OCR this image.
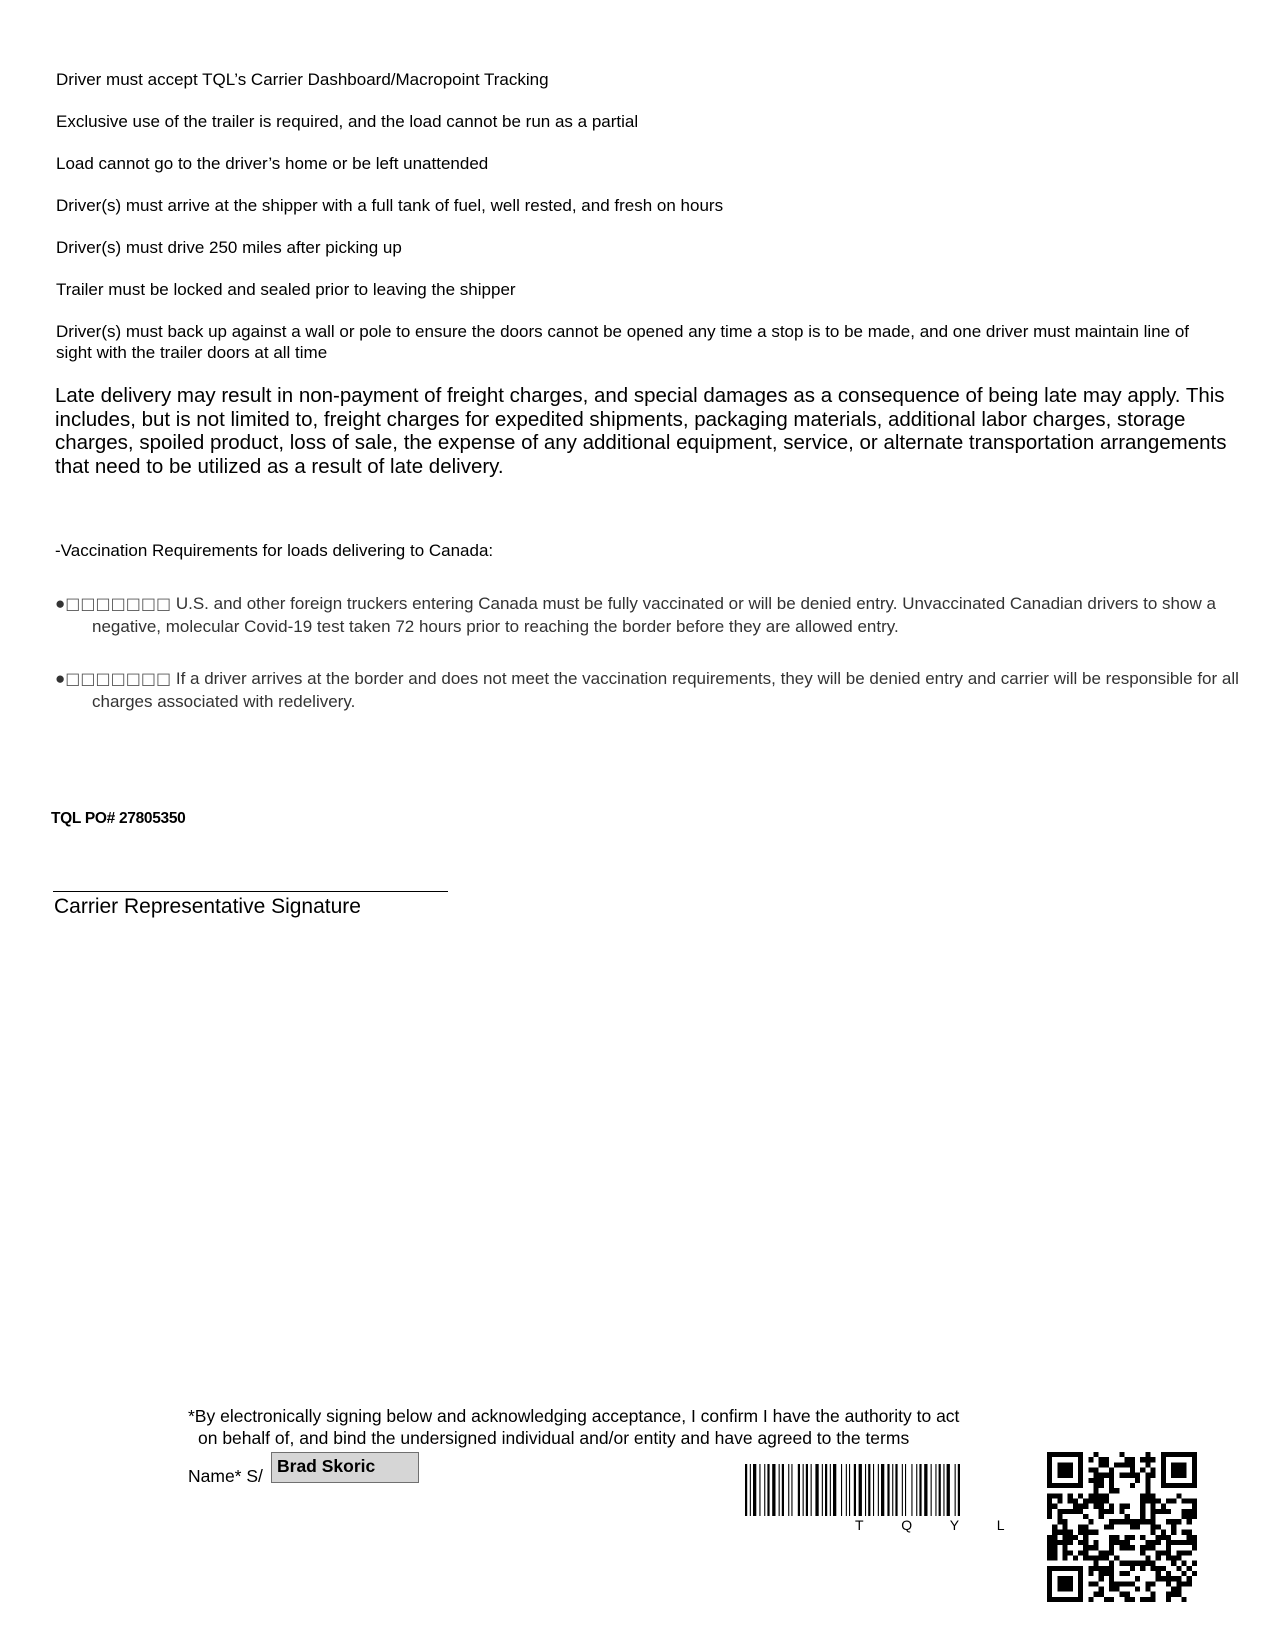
Driver must accept TQL’s Carrier Dashboard/Macropoint Tracking

Exclusive use of the trailer is required, and the load cannot be run as a partial

Load cannot go to the driver’s home or be left unattended

Driver(s) must arrive at the shipper with a full tank of fuel, well rested, and fresh on hours

Driver(s) must drive 250 miles after picking up

Trailer must be locked and sealed prior to leaving the shipper

Driver(s) must back up against a wall or pole to ensure the doors cannot be opened any time a stop is to be made, and one driver must maintain line of sight with the trailer doors at all time

Late delivery may result in non-payment of freight charges, and special damages as a consequence of being late may apply. This includes, but is not limited to, freight charges for expedited shipments, packaging materials, additional labor charges, storage charges, spoiled product, loss of sale, the expense of any additional equipment, service, or alternate transportation arrangements that need to be utilized as a result of late delivery.

-Vaccination Requirements for loads delivering to Canada:

●□□□□□□□ U.S. and other foreign truckers entering Canada must be fully vaccinated or will be denied entry. Unvaccinated Canadian drivers to show a negative, molecular Covid-19 test taken 72 hours prior to reaching the border before they are allowed entry.

●□□□□□□□ If a driver arrives at the border and does not meet the vaccination requirements, they will be denied entry and carrier will be responsible for all charges associated with redelivery.

TQL PO# 27805350

Carrier Representative Signature

*By electronically signing below and acknowledging acceptance, I confirm I have the authority to act
on behalf of, and bind the undersigned individual and/or entity and have agreed to the terms

Name* S/ Brad Skoric
T Q Y L
